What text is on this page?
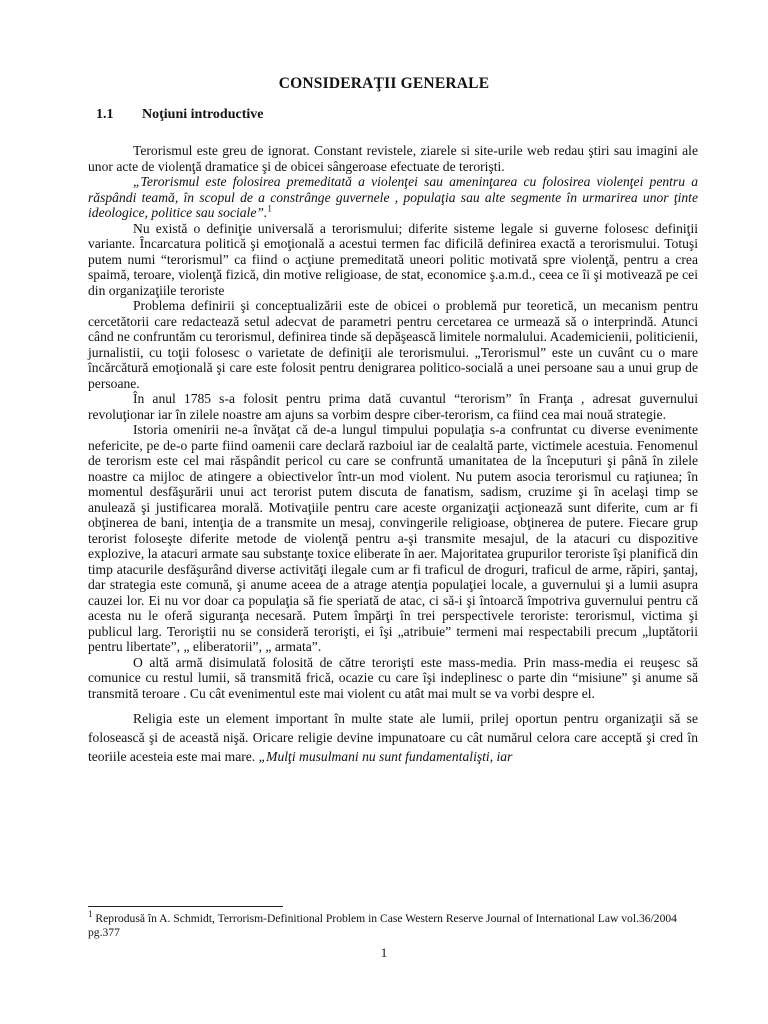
CONSIDERAŢII GENERALE
1.1 Noţiuni introductive

Terorismul este greu de ignorat. Constant revistele, ziarele si site-urile web redau ştiri sau imagini ale unor acte de violenţă dramatice şi de obicei sângeroase efectuate de terorişti.

„Terorismul este folosirea premeditată a violenţei sau ameninţarea cu folosirea violenţei pentru a răspândi teamă, în scopul de a constrânge guvernele , populaţia sau alte segmente în urmarirea unor ţinte ideologice, politice sau sociale”.$^1$

Nu există o definiţie universală a terorismului; diferite sisteme legale si guverne folosesc definiţii variante. Încarcatura politică şi emoţională a acestui termen fac dificilă definirea exactă a terorismului. Totuşi putem numi “terorismul” ca fiind o acţiune premeditată uneori politic motivată spre violenţă, pentru a crea spaimă, teroare, violenţă fizică, din motive religioase, de stat, economice ş.a.m.d., ceea ce îi şi motivează pe cei din organizaţiile teroriste

Problema definirii şi conceptualizării este de obicei o problemă pur teoretică, un mecanism pentru cercetătorii care redactează setul adecvat de parametri pentru cercetarea ce urmează să o interprindă. Atunci când ne confruntăm cu terorismul, definirea tinde să depăşească limitele normalului. Academicienii, politicienii, jurnalistii, cu toţii folosesc o varietate de definiţii ale terorismului. „Terorismul” este un cuvânt cu o mare încărcătură emoţională şi care este folosit pentru denigrarea politico-socială a unei persoane sau a unui grup de persoane.

În anul 1785 s-a folosit pentru prima dată cuvantul “terorism” în Franţa , adresat guvernului revoluţionar iar în zilele noastre am ajuns sa vorbim despre ciber-terorism, ca fiind cea mai nouă strategie.

Istoria omenirii ne-a învăţat că de-a lungul timpului populaţia s-a confruntat cu diverse evenimente nefericite, pe de-o parte fiind oamenii care declară razboiul iar de cealaltă parte, victimele acestuia. Fenomenul de terorism este cel mai răspândit pericol cu care se confruntă umanitatea de la începuturi şi până în zilele noastre ca mijloc de atingere a obiectivelor într-un mod violent. Nu putem asocia terorismul cu raţiunea; în momentul desfăşurării unui act terorist putem discuta de fanatism, sadism, cruzime şi în acelaşi timp se anulează şi justificarea morală. Motivaţiile pentru care aceste organizaţii acţionează sunt diferite, cum ar fi obţinerea de bani, intenţia de a transmite un mesaj, convingerile religioase, obţinerea de putere. Fiecare grup terorist foloseşte diferite metode de violenţă pentru a-şi transmite mesajul, de la atacuri cu dispozitive explozive, la atacuri armate sau substanţe toxice eliberate în aer. Majoritatea grupurilor teroriste îşi planifică din timp atacurile desfăşurând diverse activităţi ilegale cum ar fi traficul de droguri, traficul de arme, răpiri, şantaj, dar strategia este comună, şi anume aceea de a atrage atenţia populaţiei locale, a guvernului şi a lumii asupra cauzei lor. Ei nu vor doar ca populaţia să fie speriată de atac, ci să-i şi întoarcă împotriva guvernului pentru că acesta nu le oferă siguranţa necesară. Putem împărţi în trei perspectivele teroriste: terorismul, victima şi publicul larg. Teroriştii nu se consideră terorişti, ei îşi „atribuie” termeni mai respectabili precum „luptătorii pentru libertate”, „ eliberatorii”, „ armata”.

O altă armă disimulată folosită de către terorişti este mass-media. Prin mass-media ei reuşesc să comunice cu restul lumii, să transmită frică, ocazie cu care îşi indeplinesc o parte din “misiune” şi anume să transmită teroare . Cu cât evenimentul este mai violent cu atât mai mult se va vorbi despre el.

Religia este un element important în multe state ale lumii, prilej oportun pentru organizaţii să se folosească şi de această nişă. Oricare religie devine impunatoare cu cât numărul celora care acceptă şi cred în teoriile acesteia este mai mare. „Mulţi musulmani nu sunt fundamentalişti, iar

$^1$ Reprodusă în A. Schmidt, Terrorism-Definitional Problem in Case Western Reserve Journal of International Law vol.36/2004 pg.377
1
